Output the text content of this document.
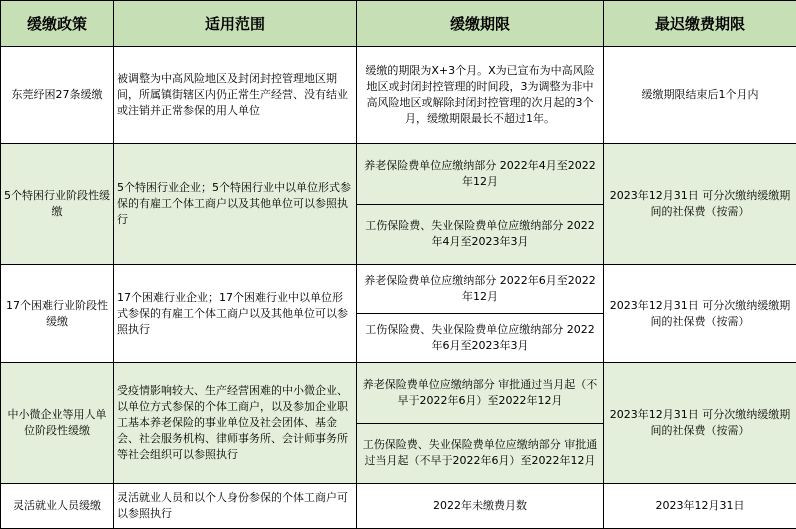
缓缴政策	适用范围	缓缴期限	最迟缴费期限
东莞纾困27条缓缴	被调整为中高风险地区及封闭封控管理地区期间，所属镇街辖区内仍正常生产经营、没有结业或注销并正常参保的用人单位	缓缴的期限为X+3个月。X为已宣布为中高风险地区或封闭封控管理的时间段，3为调整为非中高风险地区或解除封闭封控管理的次月起的3个月，缓缴期限最长不超过1年。	缓缴期限结束后1个月内
5个特困行业阶段性缓缴	5个特困行业企业；5个特困行业中以单位形式参保的有雇工个体工商户以及其他单位可以参照执行	养老保险费单位应缴纳部分 2022年4月至2022年12月	2023年12月31日 可分次缴纳缓缴期间的社保费（按需）
		工伤保险费、失业保险费单位应缴纳部分 2022年4月至2023年3月	
17个困难行业阶段性缓缴	17个困难行业企业；17个困难行业中以单位形式参保的有雇工个体工商户以及其他单位可以参照执行	养老保险费单位应缴纳部分 2022年6月至2022年12月	2023年12月31日 可分次缴纳缓缴期间的社保费（按需）
		工伤保险费、失业保险费单位应缴纳部分 2022年6月至2023年3月	
中小微企业等用人单位阶段性缓缴	受疫情影响较大、生产经营困难的中小微企业、以单位方式参保的个体工商户，以及参加企业职工基本养老保险的事业单位及社会团体、基金会、社会服务机构、律师事务所、会计师事务所等社会组织可以参照执行	养老保险费单位应缴纳部分 审批通过当月起（不早于2022年6月）至2022年12月	2023年12月31日 可分次缴纳缓缴期间的社保费（按需）
		工伤保险费、失业保险费单位应缴纳部分 审批通过当月起（不早于2022年6月）至2022年12月	
灵活就业人员缓缴	灵活就业人员和以个人身份参保的个体工商户可以参照执行	2022年未缴费月数	2023年12月31日
